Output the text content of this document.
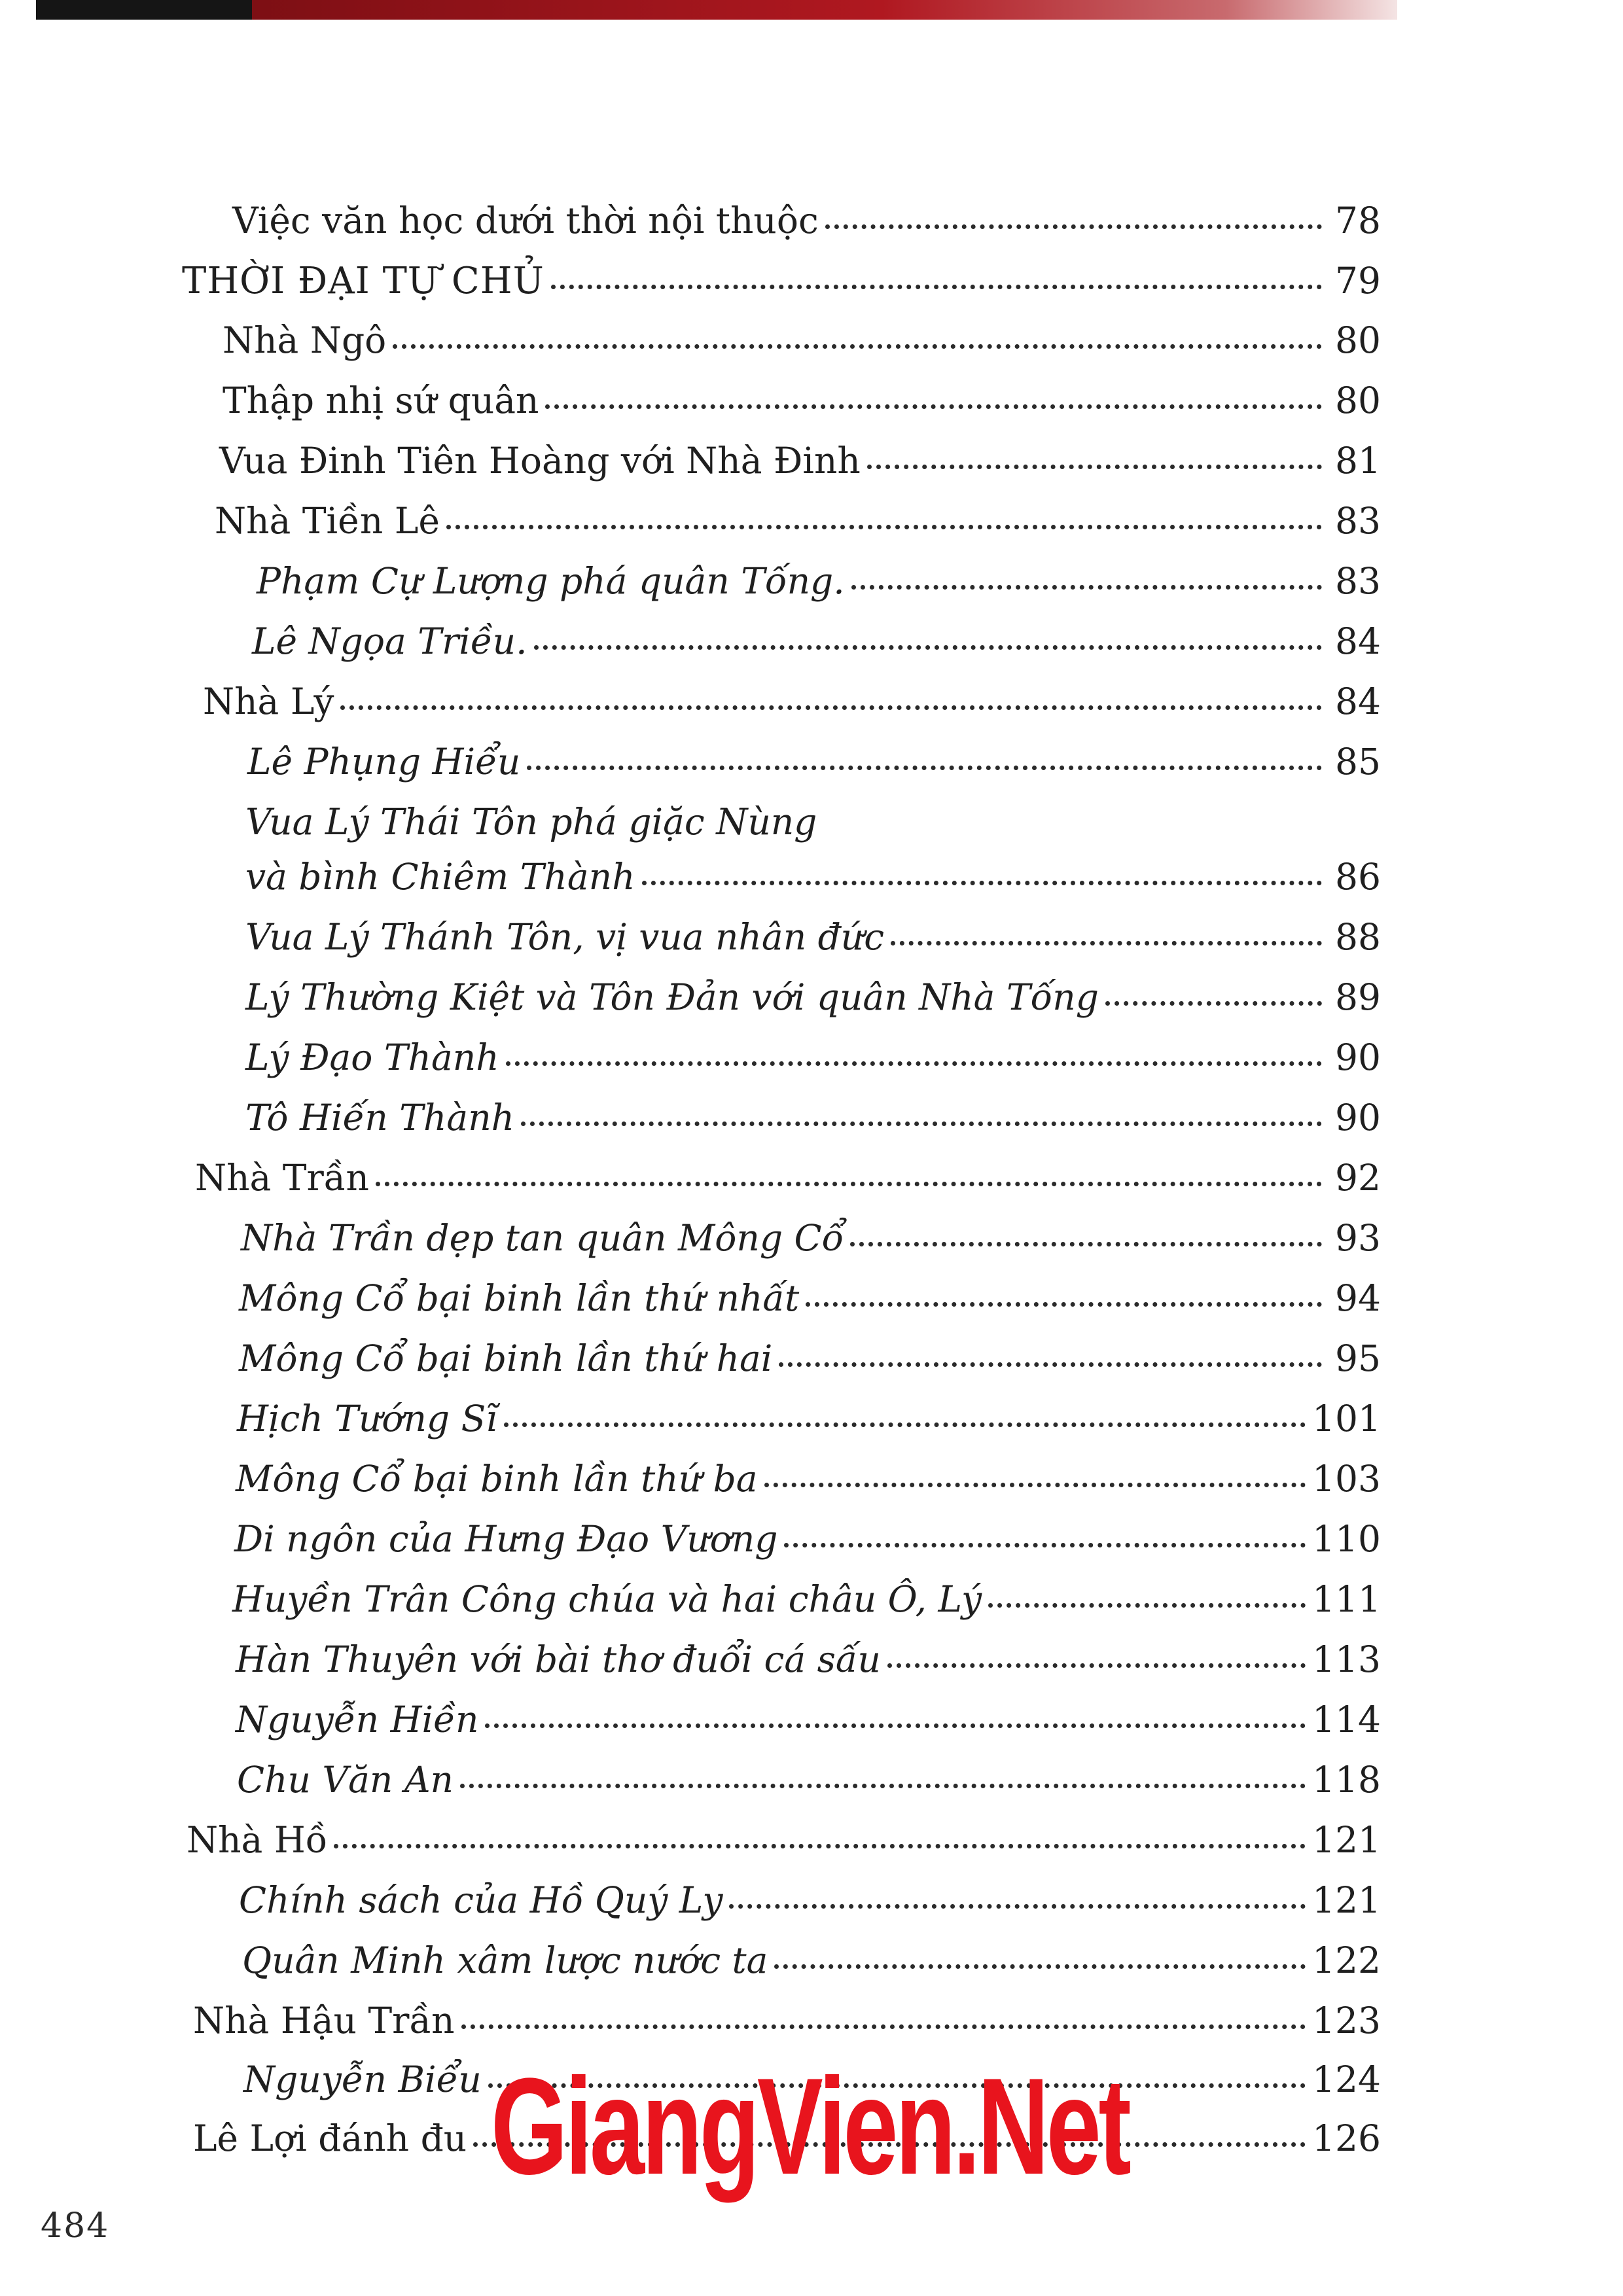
Việc văn học dưới thời nội thuộc	78
THỜI ĐẠI TỰ CHỦ	79
Nhà Ngô	80
Thập nhị sứ quân	80
Vua Đinh Tiên Hoàng với Nhà Đinh	81
Nhà Tiền Lê	83
Phạm Cự Lượng phá quân Tống.	83
Lê Ngọa Triều.	84
Nhà Lý	84
Lê Phụng Hiểu	85
Vua Lý Thái Tôn phá giặc Nùng
và bình Chiêm Thành	86
Vua Lý Thánh Tôn, vị vua nhân đức	88
Lý Thường Kiệt và Tôn Đản với quân Nhà Tống	89
Lý Đạo Thành	90
Tô Hiến Thành	90
Nhà Trần	92
Nhà Trần dẹp tan quân Mông Cổ	93
Mông Cổ bại binh lần thứ nhất	94
Mông Cổ bại binh lần thứ hai	95
Hịch Tướng Sĩ	101
Mông Cổ bại binh lần thứ ba	103
Di ngôn của Hưng Đạo Vương	110
Huyền Trân Công chúa và hai châu Ô, Lý	111
Hàn Thuyên với bài thơ đuổi cá sấu	113
Nguyễn Hiền	114
Chu Văn An	118
Nhà Hồ	121
Chính sách của Hồ Quý Ly	121
Quân Minh xâm lược nước ta	122
Nhà Hậu Trần	123
Nguyễn Biểu	124
Lê Lợi đánh đu	126
GiangVien.Net
484
